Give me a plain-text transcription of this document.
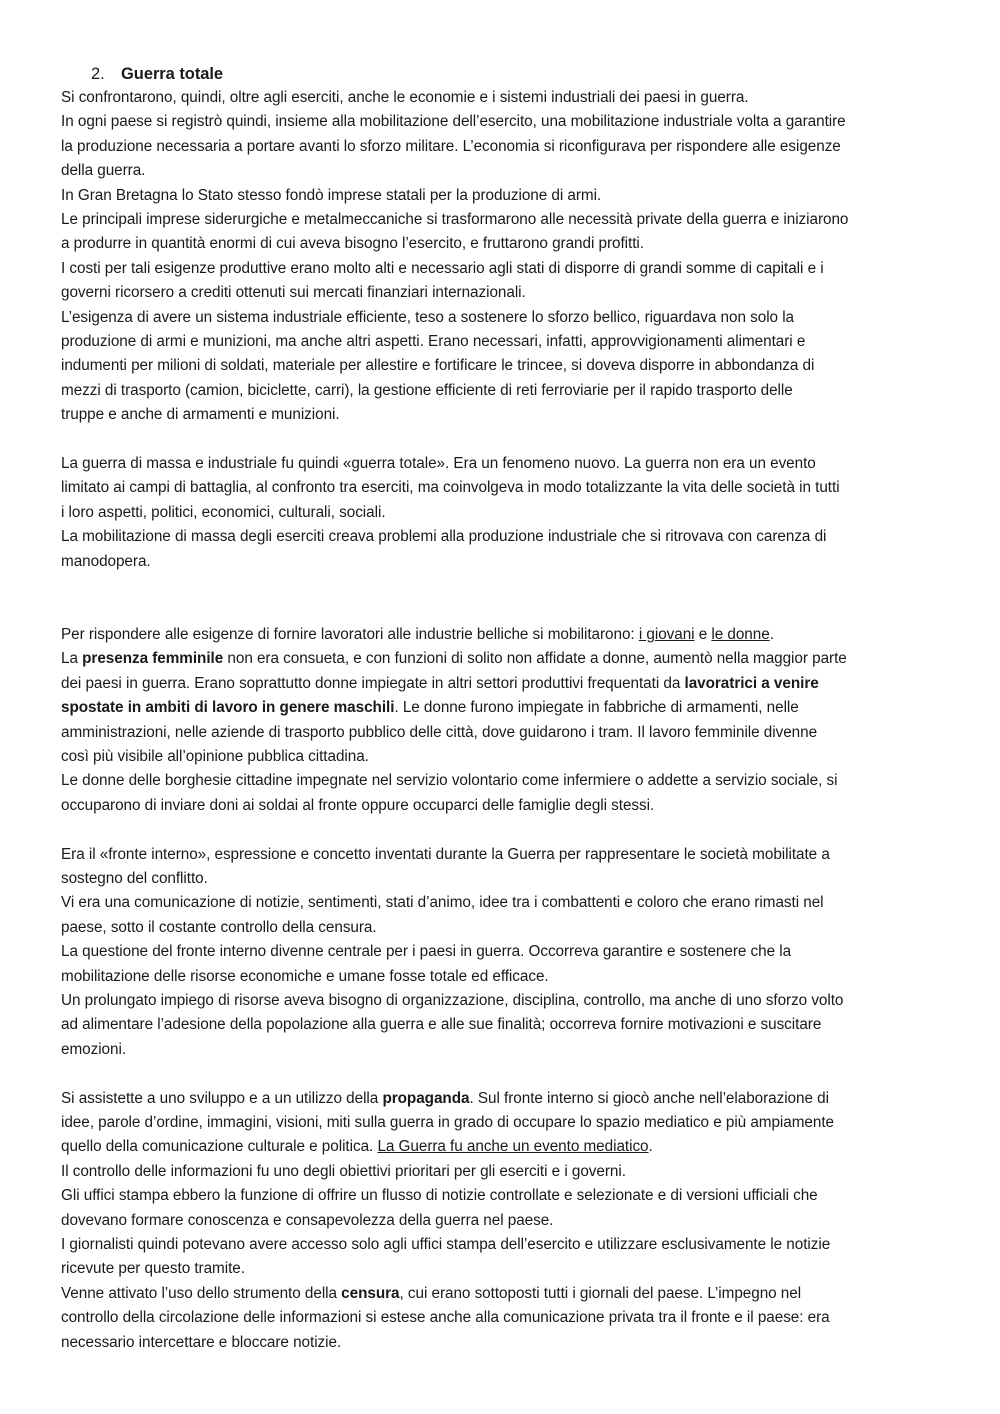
2. Guerra totale
Si confrontarono, quindi, oltre agli eserciti, anche le economie e i sistemi industriali dei paesi in guerra.
In ogni paese si registrò quindi, insieme alla mobilitazione dell’esercito, una mobilitazione industriale volta a garantire
la produzione necessaria a portare avanti lo sforzo militare. L’economia si riconfigurava per rispondere alle esigenze
della guerra.
In Gran Bretagna lo Stato stesso fondò imprese statali per la produzione di armi.
Le principali imprese siderurgiche e metalmeccaniche si trasformarono alle necessità private della guerra e iniziarono
a produrre in quantità enormi di cui aveva bisogno l’esercito, e fruttarono grandi profitti.
I costi per tali esigenze produttive erano molto alti e necessario agli stati di disporre di grandi somme di capitali e i
governi ricorsero a crediti ottenuti sui mercati finanziari internazionali.
L’esigenza di avere un sistema industriale efficiente, teso a sostenere lo sforzo bellico, riguardava non solo la
produzione di armi e munizioni, ma anche altri aspetti. Erano necessari, infatti, approvvigionamenti alimentari e
indumenti per milioni di soldati, materiale per allestire e fortificare le trincee, si doveva disporre in abbondanza di
mezzi di trasporto (camion, biciclette, carri), la gestione efficiente di reti ferroviarie per il rapido trasporto delle
truppe e anche di armamenti e munizioni.
La guerra di massa e industriale fu quindi «guerra totale». Era un fenomeno nuovo. La guerra non era un evento
limitato ai campi di battaglia, al confronto tra eserciti, ma coinvolgeva in modo totalizzante la vita delle società in tutti
i loro aspetti, politici, economici, culturali, sociali.
La mobilitazione di massa degli eserciti creava problemi alla produzione industriale che si ritrovava con carenza di
manodopera.
Per rispondere alle esigenze di fornire lavoratori alle industrie belliche si mobilitarono: i giovani e le donne.
La presenza femminile non era consueta, e con funzioni di solito non affidate a donne, aumentò nella maggior parte
dei paesi in guerra. Erano soprattutto donne impiegate in altri settori produttivi frequentati da lavoratrici a venire
spostate in ambiti di lavoro in genere maschili. Le donne furono impiegate in fabbriche di armamenti, nelle
amministrazioni, nelle aziende di trasporto pubblico delle città, dove guidarono i tram. Il lavoro femminile divenne
così più visibile all’opinione pubblica cittadina.
Le donne delle borghesie cittadine impegnate nel servizio volontario come infermiere o addette a servizio sociale, si
occuparono di inviare doni ai soldai al fronte oppure occuparci delle famiglie degli stessi.
Era il «fronte interno», espressione e concetto inventati durante la Guerra per rappresentare le società mobilitate a
sostegno del conflitto.
Vi era una comunicazione di notizie, sentimenti, stati d’animo, idee tra i combattenti e coloro che erano rimasti nel
paese, sotto il costante controllo della censura.
La questione del fronte interno divenne centrale per i paesi in guerra. Occorreva garantire e sostenere che la
mobilitazione delle risorse economiche e umane fosse totale ed efficace.
Un prolungato impiego di risorse aveva bisogno di organizzazione, disciplina, controllo, ma anche di uno sforzo volto
ad alimentare l’adesione della popolazione alla guerra e alle sue finalità; occorreva fornire motivazioni e suscitare
emozioni.
Si assistette a uno sviluppo e a un utilizzo della propaganda. Sul fronte interno si giocò anche nell’elaborazione di
idee, parole d’ordine, immagini, visioni, miti sulla guerra in grado di occupare lo spazio mediatico e più ampiamente
quello della comunicazione culturale e politica. La Guerra fu anche un evento mediatico.
Il controllo delle informazioni fu uno degli obiettivi prioritari per gli eserciti e i governi.
Gli uffici stampa ebbero la funzione di offrire un flusso di notizie controllate e selezionate e di versioni ufficiali che
dovevano formare conoscenza e consapevolezza della guerra nel paese.
I giornalisti quindi potevano avere accesso solo agli uffici stampa dell’esercito e utilizzare esclusivamente le notizie
ricevute per questo tramite.
Venne attivato l’uso dello strumento della censura, cui erano sottoposti tutti i giornali del paese. L’impegno nel
controllo della circolazione delle informazioni si estese anche alla comunicazione privata tra il fronte e il paese: era
necessario intercettare e bloccare notizie.
